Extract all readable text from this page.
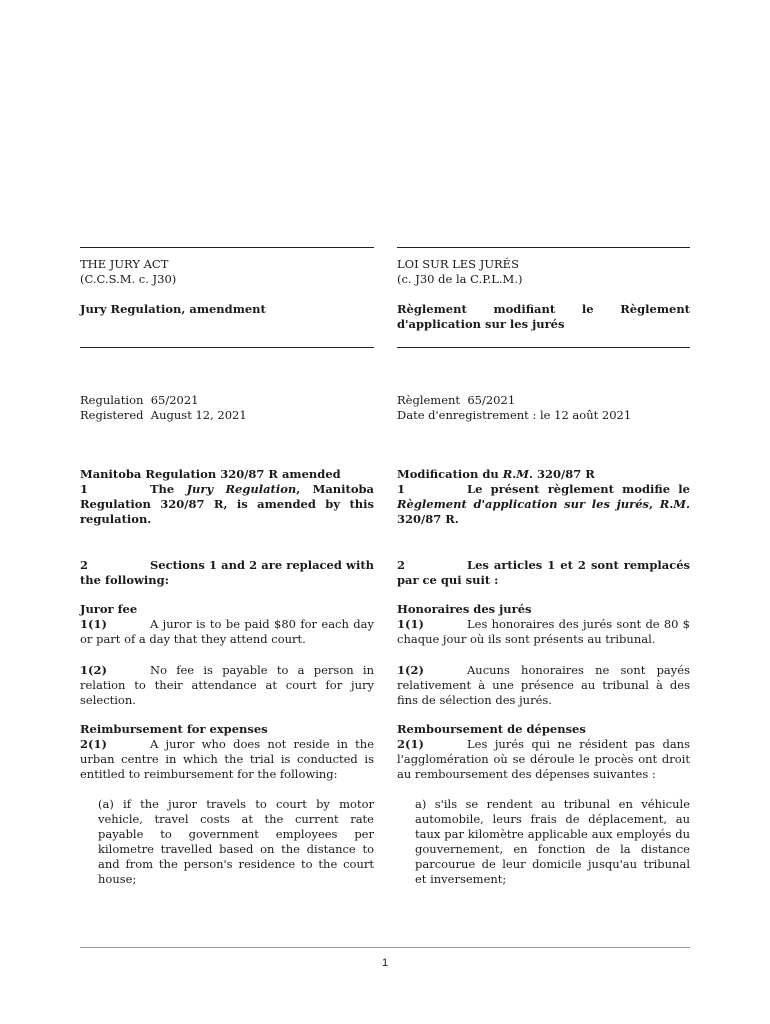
THE JURY ACT

(C.C.S.M. c. J30)

LOI SUR LES JURÉS

(c. J30 de la C.P.L.M.)

Jury Regulation, amendment	Règlement modifiant le Règlement d'application sur les jurés

Regulation  65/2021

Registered  August 12, 2021

Règlement  65/2021

Date d'enregistrement : le 12 août 2021

Manitoba Regulation 320/87 R amended

1	The Jury Regulation, Manitoba Regulation 320/87 R, is amended by this regulation.

Modification du R.M. 320/87 R

1	Le présent règlement modifie le Règlement d'application sur les jurés, R.M. 320/87 R.

2	Sections 1 and 2 are replaced with the following:
2	Les articles 1 et 2 sont remplacés par ce qui suit :

Juror fee

1(1)	A juror is to be paid $80 for each day or part of a day that they attend court.

Honoraires des jurés

1(1)	Les honoraires des jurés sont de 80 $ chaque jour où ils sont présents au tribunal.

1(2)	No fee is payable to a person in relation to their attendance at court for jury selection.
1(2)	Aucuns honoraires ne sont payés relativement à une présence au tribunal à des fins de sélection des jurés.

Reimbursement for expenses

2(1)	A juror who does not reside in the urban centre in which the trial is conducted is entitled to reimbursement for the following:

Remboursement de dépenses

2(1)	Les jurés qui ne résident pas dans l'agglomération où se déroule le procès ont droit au remboursement des dépenses suivantes :

(a) if the juror travels to court by motor vehicle, travel costs at the current rate payable to government employees per kilometre travelled based on the distance to and from the person's residence to the court house;
a) s'ils se rendent au tribunal en véhicule automobile, leurs frais de déplacement, au taux par kilomètre applicable aux employés du gouvernement, en fonction de la distance parcourue de leur domicile jusqu'au tribunal et inversement;
1
